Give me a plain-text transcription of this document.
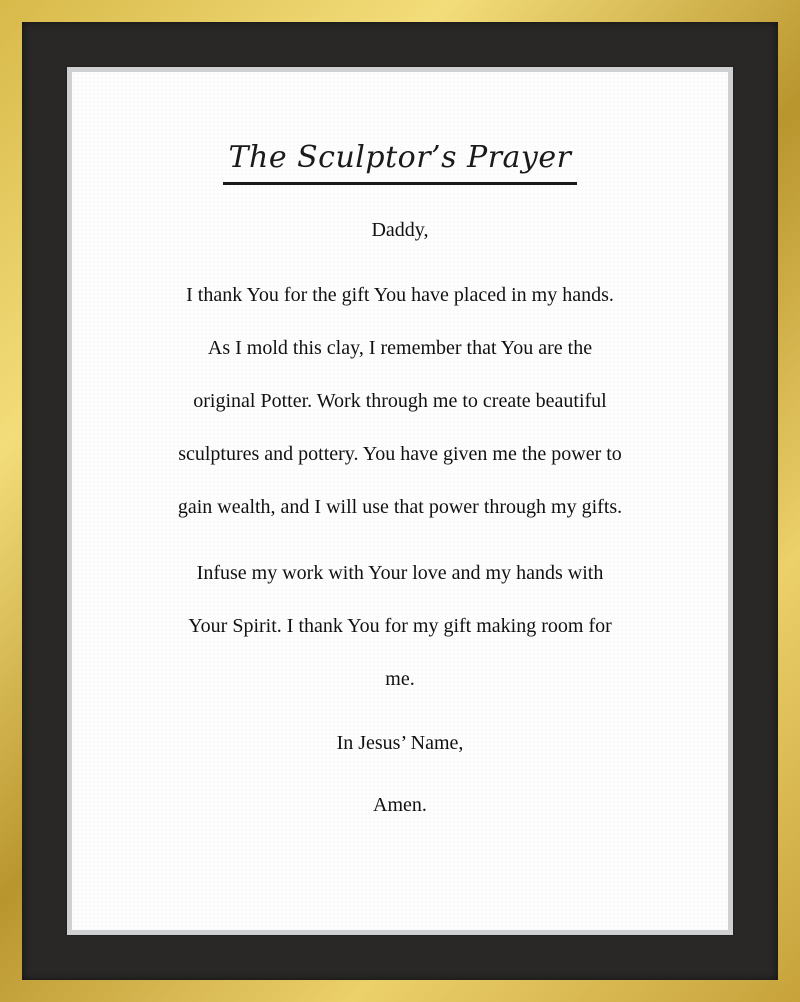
The Sculptor’s Prayer
Daddy,
I thank You for the gift You have placed in my hands.
As I mold this clay, I remember that You are the
original Potter. Work through me to create beautiful
sculptures and pottery. You have given me the power to
gain wealth, and I will use that power through my gifts.
Infuse my work with Your love and my hands with
Your Spirit. I thank You for my gift making room for
me.
In Jesus’ Name,
Amen.
